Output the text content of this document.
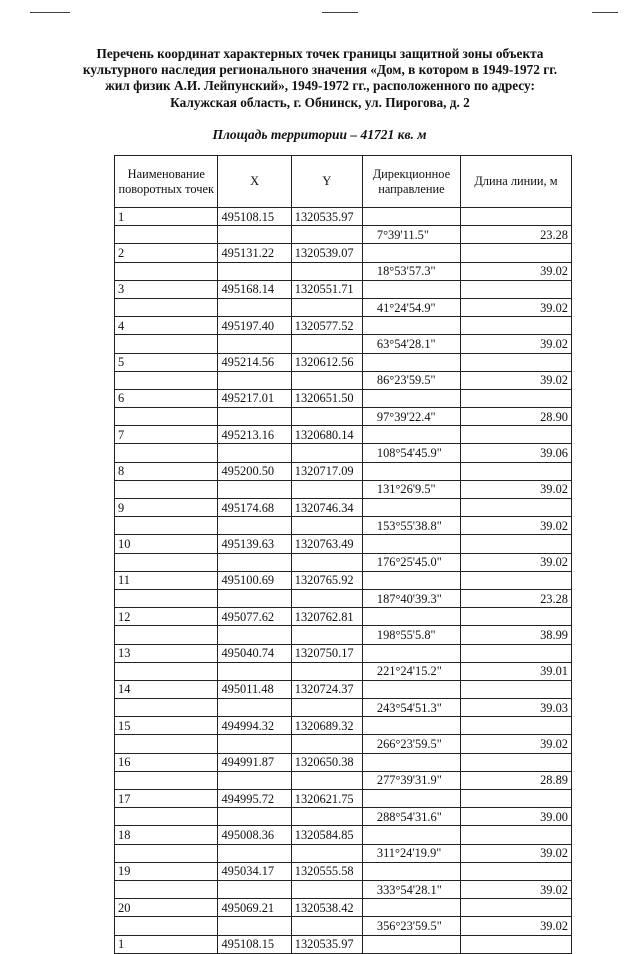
Перечень координат характерных точек границы защитной зоны объекта
культурного наследия регионального значения «Дом, в котором в 1949-1972 гг.
жил физик А.И. Лейпунский», 1949-1972 гг., расположенного по адресу:
Калужская область, г. Обнинск, ул. Пирогова, д. 2
Площадь территории – 41721 кв. м
Наименование поворотных точек	X	Y	Дирекционное направление	Длина линии, м
1	495108.15	1320535.97		
			7°39'11.5"	23.28
2	495131.22	1320539.07		
			18°53'57.3"	39.02
3	495168.14	1320551.71		
			41°24'54.9"	39.02
4	495197.40	1320577.52		
			63°54'28.1"	39.02
5	495214.56	1320612.56		
			86°23'59.5"	39.02
6	495217.01	1320651.50		
			97°39'22.4"	28.90
7	495213.16	1320680.14		
			108°54'45.9"	39.06
8	495200.50	1320717.09		
			131°26'9.5"	39.02
9	495174.68	1320746.34		
			153°55'38.8"	39.02
10	495139.63	1320763.49		
			176°25'45.0"	39.02
11	495100.69	1320765.92		
			187°40'39.3"	23.28
12	495077.62	1320762.81		
			198°55'5.8"	38.99
13	495040.74	1320750.17		
			221°24'15.2"	39.01
14	495011.48	1320724.37		
			243°54'51.3"	39.03
15	494994.32	1320689.32		
			266°23'59.5"	39.02
16	494991.87	1320650.38		
			277°39'31.9"	28.89
17	494995.72	1320621.75		
			288°54'31.6"	39.00
18	495008.36	1320584.85		
			311°24'19.9"	39.02
19	495034.17	1320555.58		
			333°54'28.1"	39.02
20	495069.21	1320538.42		
			356°23'59.5"	39.02
1	495108.15	1320535.97		
